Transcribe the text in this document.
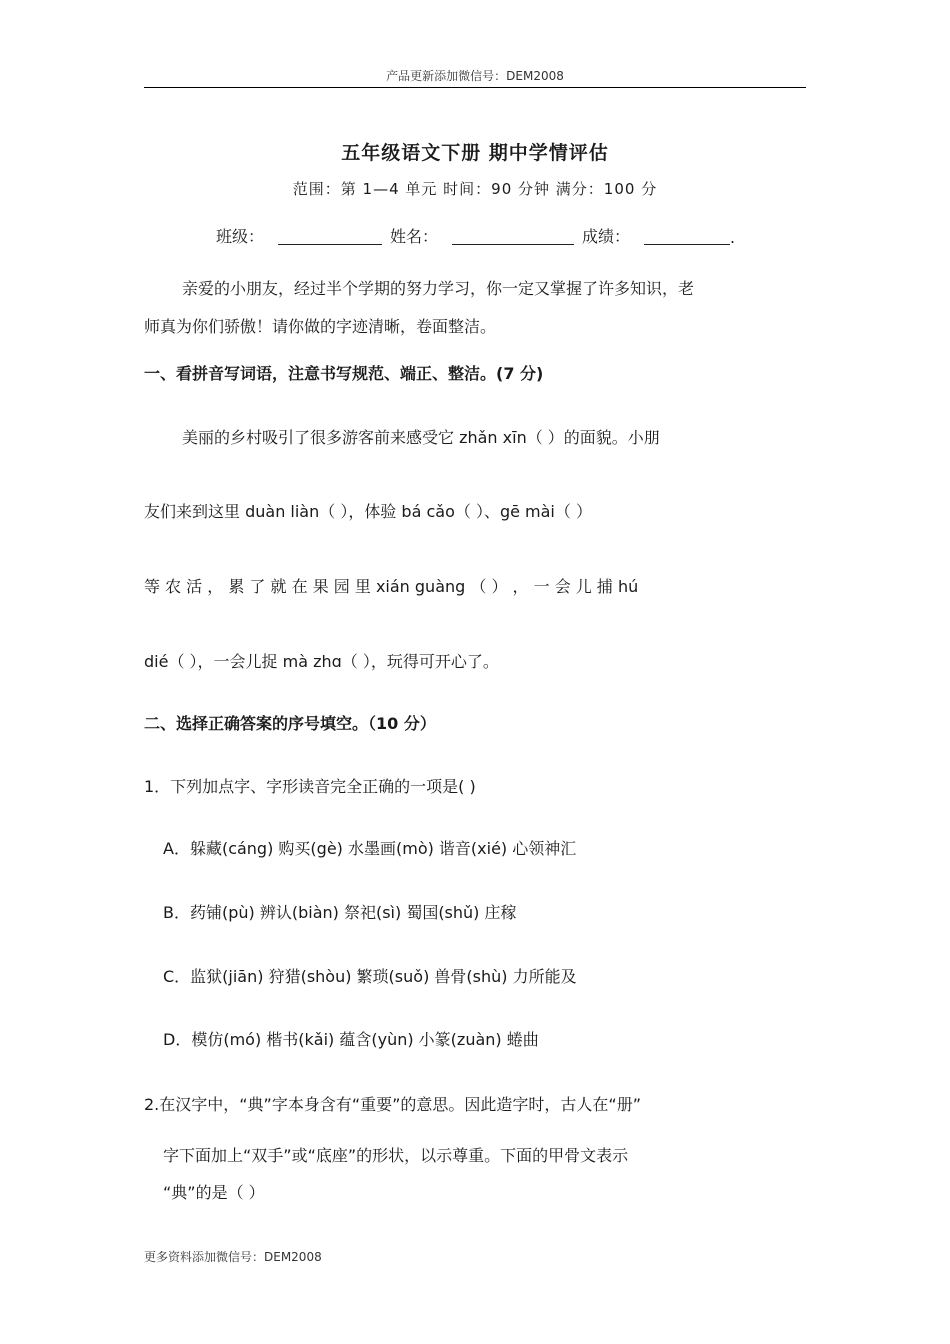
产品更新添加微信号：DEM2008
五年级语文下册 期中学情评估
范围：第 1—4 单元 时间：90 分钟 满分：100 分
班级：	姓名：	成绩：	.
亲爱的小朋友，经过半个学期的努力学习，你一定又掌握了许多知识，老
师真为你们骄傲！请你做的字迹清晰，卷面整洁。
一、看拼音写词语，注意书写规范、端正、整洁。(7 分)
美丽的乡村吸引了很多游客前来感受它 zhǎn xīn（ ）的面貌。小朋
友们来到这里 duàn liàn（ ），体验 bá cǎo（ ）、gē mài（ ）
等 农 活 ， 累 了 就 在 果 园 里 xián guàng （ ） ， 一 会 儿 捕 hú
dié（ ），一会儿捉 mà zhɑ（ ），玩得可开心了。
二、选择正确答案的序号填空。（10 分）
1．下列加点字、字形读音完全正确的一项是( )
A．躲藏(cáng) 购买(gè) 水墨画(mò) 谐音(xié) 心领神汇
B．药铺(pù) 辨认(biàn) 祭祀(sì) 蜀国(shǔ) 庄稼
C．监狱(jiān) 狩猎(shòu) 繁琐(suǒ) 兽骨(shù) 力所能及
D．模仿(mó) 楷书(kǎi) 蕴含(yùn) 小篆(zuàn) 蜷曲
2.在汉字中，“典”字本身含有“重要”的意思。因此造字时，古人在“册”
字下面加上“双手”或“底座”的形状，以示尊重。下面的甲骨文表示
“典”的是（ ）
更多资料添加微信号：DEM2008
